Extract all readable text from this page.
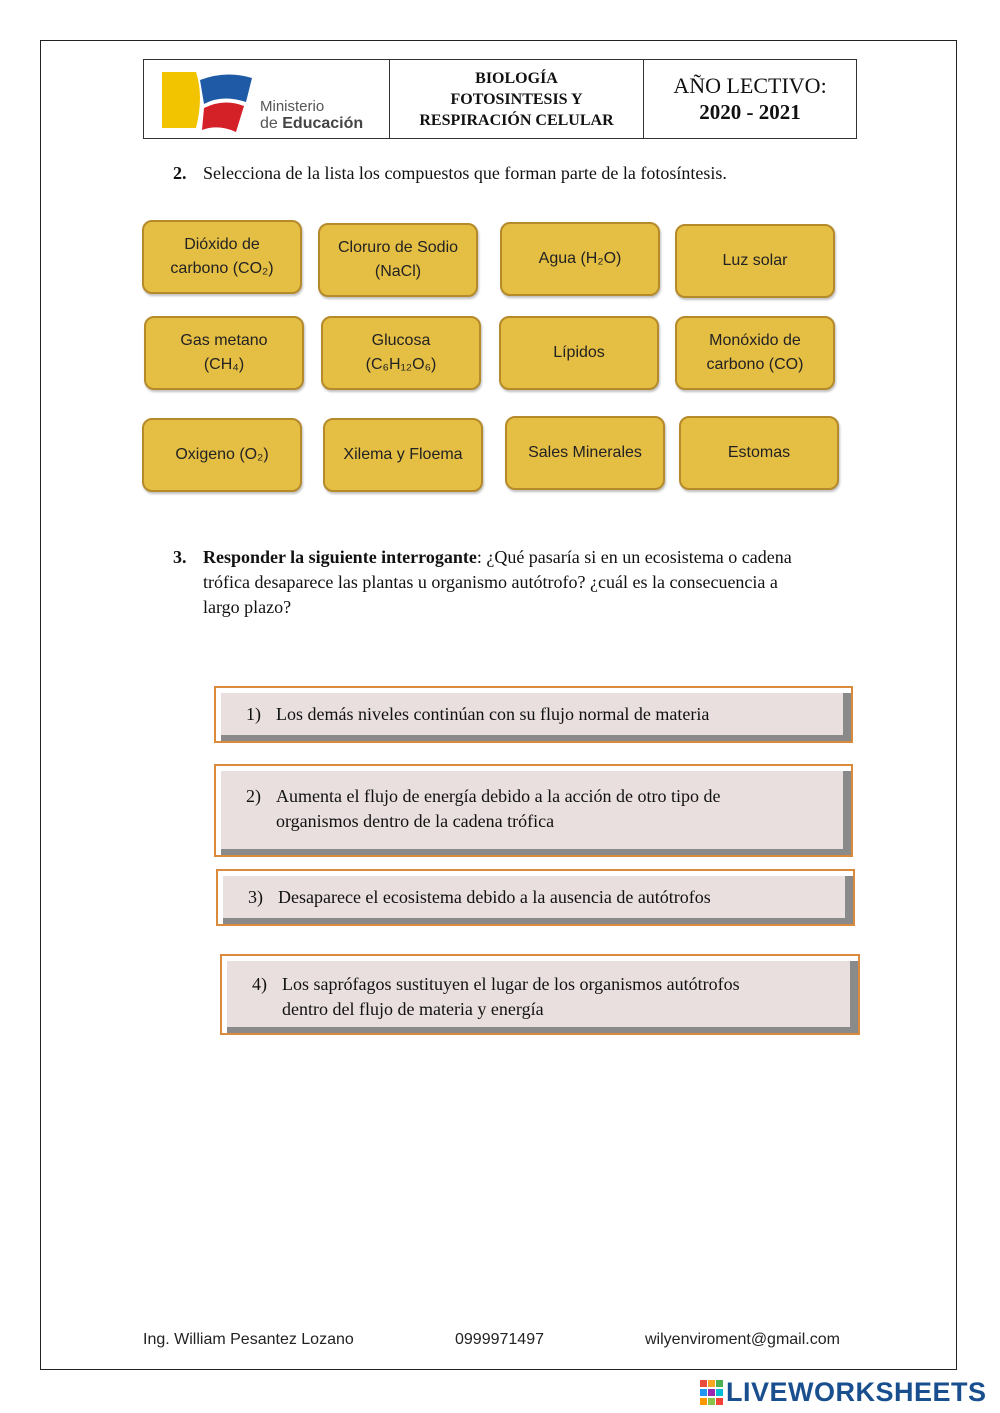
Ministerio
de Educación
BIOLOGÍA
FOTOSINTESIS Y
RESPIRACIÓN CELULAR
AÑO LECTIVO:
2020 - 2021
2. Selecciona de la lista los compuestos que forman parte de la fotosíntesis.
Dióxido de
carbono (CO₂)
Cloruro de Sodio
(NaCl)
Agua (H₂O)	Luz solar
Gas metano
(CH₄)
Glucosa
(C₆H₁₂O₆)
Lípidos
Monóxido de
carbono (CO)
Oxigeno (O₂)	Xilema y Floema	Sales Minerales	Estomas
3. Responder la siguiente interrogante: ¿Qué pasaría si en un ecosistema o cadena
trófica desaparece las plantas u organismo autótrofo? ¿cuál es la consecuencia a
largo plazo?
1) Los demás niveles continúan con su flujo normal de materia
2) Aumenta el flujo de energía debido a la acción de otro tipo de
organismos dentro de la cadena trófica
3) Desaparece el ecosistema debido a la ausencia de autótrofos
4) Los saprófagos sustituyen el lugar de los organismos autótrofos
dentro del flujo de materia y energía
Ing. William Pesantez Lozano	0999971497	wilyenviroment@gmail.com
LIVEWORKSHEETS
